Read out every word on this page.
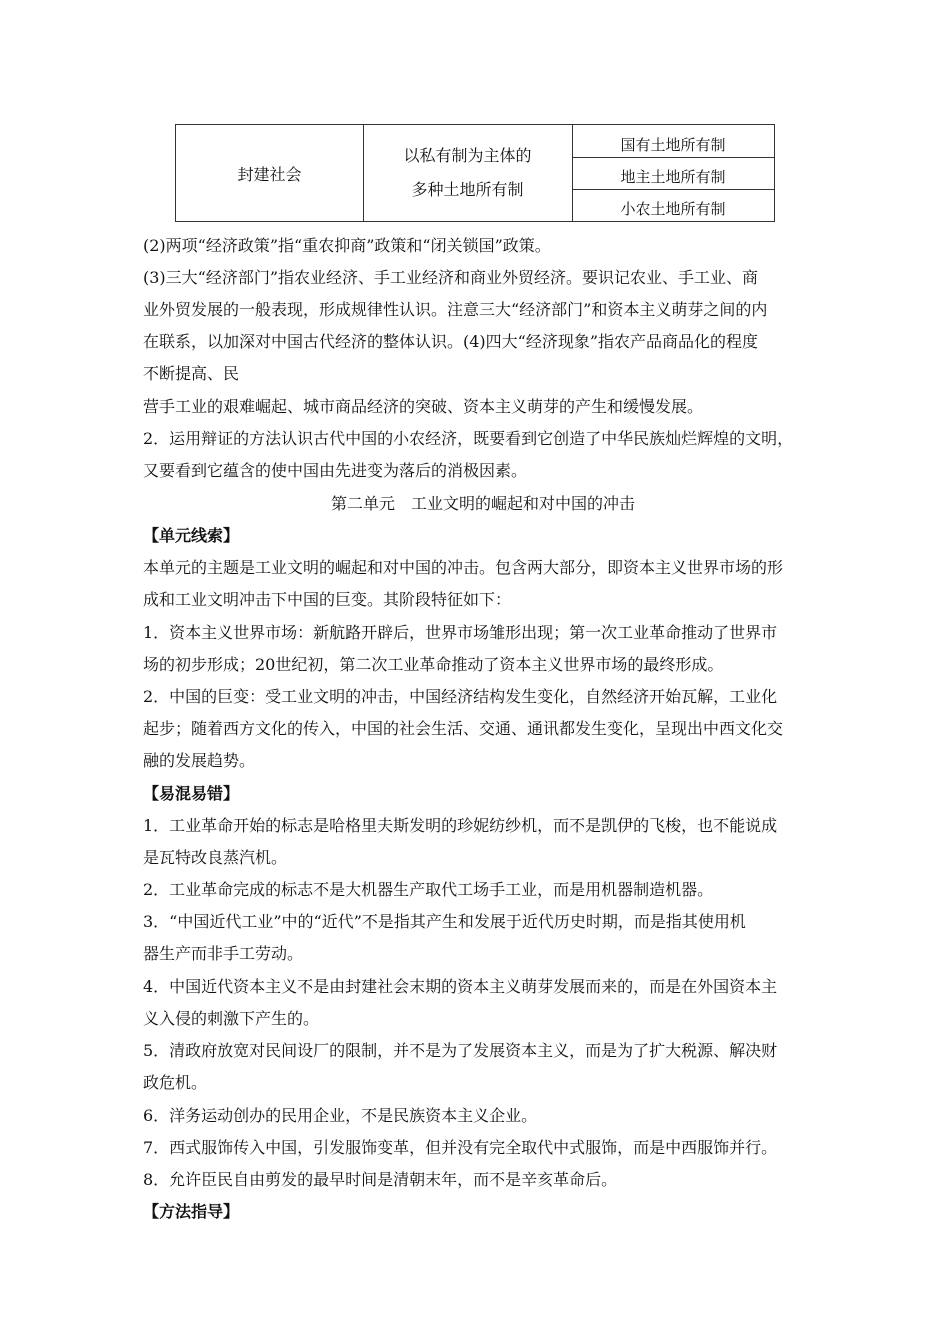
封建社会
以私有制为主体的
多种土地所有制
国有土地所有制
地主土地所有制
小农土地所有制
(2)两项“经济政策”指“重农抑商”政策和“闭关锁国”政策。
(3)三大“经济部门”指农业经济、手工业经济和商业外贸经济。要识记农业、手工业、商
业外贸发展的一般表现，形成规律性认识。注意三大“经济部门”和资本主义萌芽之间的内
在联系，以加深对中国古代经济的整体认识。(4)四大“经济现象”指农产品商品化的程度
不断提高、民
营手工业的艰难崛起、城市商品经济的突破、资本主义萌芽的产生和缓慢发展。
2．运用辩证的方法认识古代中国的小农经济，既要看到它创造了中华民族灿烂辉煌的文明，
又要看到它蕴含的使中国由先进变为落后的消极因素。
第二单元　工业文明的崛起和对中国的冲击
【单元线索】
本单元的主题是工业文明的崛起和对中国的冲击。包含两大部分，即资本主义世界市场的形
成和工业文明冲击下中国的巨变。其阶段特征如下：
1．资本主义世界市场：新航路开辟后，世界市场雏形出现；第一次工业革命推动了世界市
场的初步形成；20世纪初，第二次工业革命推动了资本主义世界市场的最终形成。
2．中国的巨变：受工业文明的冲击，中国经济结构发生变化，自然经济开始瓦解，工业化
起步；随着西方文化的传入，中国的社会生活、交通、通讯都发生变化，呈现出中西文化交
融的发展趋势。
【易混易错】
1．工业革命开始的标志是哈格里夫斯发明的珍妮纺纱机，而不是凯伊的飞梭，也不能说成
是瓦特改良蒸汽机。
2．工业革命完成的标志不是大机器生产取代工场手工业，而是用机器制造机器。
3．“中国近代工业”中的“近代”不是指其产生和发展于近代历史时期，而是指其使用机
器生产而非手工劳动。
4．中国近代资本主义不是由封建社会末期的资本主义萌芽发展而来的，而是在外国资本主
义入侵的刺激下产生的。
5．清政府放宽对民间设厂的限制，并不是为了发展资本主义，而是为了扩大税源、解决财
政危机。
6．洋务运动创办的民用企业，不是民族资本主义企业。
7．西式服饰传入中国，引发服饰变革，但并没有完全取代中式服饰，而是中西服饰并行。
8．允许臣民自由剪发的最早时间是清朝末年，而不是辛亥革命后。
【方法指导】
